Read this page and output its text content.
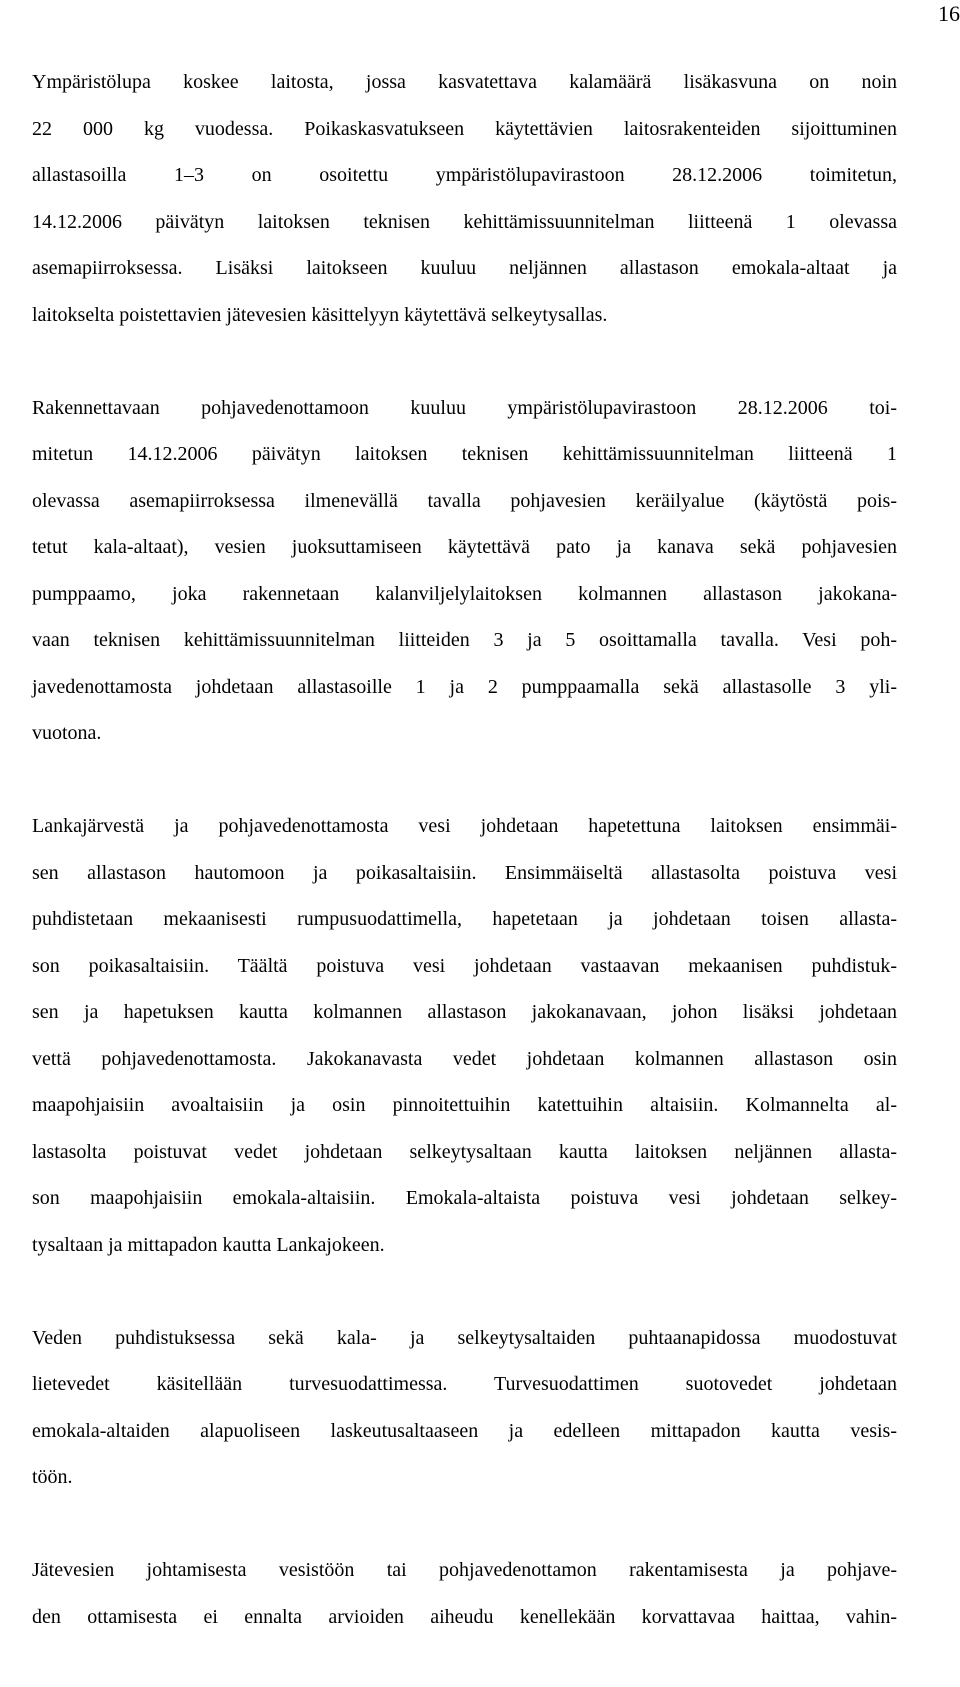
16
Ympäristölupa koskee laitosta, jossa kasvatettava kalamäärä lisäkasvuna on noin
22 000 kg vuodessa. Poikaskasvatukseen käytettävien laitosrakenteiden sijoittuminen
allastasoilla 1–3 on osoitettu ympäristölupavirastoon 28.12.2006 toimitetun,
14.12.2006 päivätyn laitoksen teknisen kehittämissuunnitelman liitteenä 1 olevassa
asemapiirroksessa. Lisäksi laitokseen kuuluu neljännen allastason emokala-altaat ja
laitokselta poistettavien jätevesien käsittelyyn käytettävä selkeytysallas.
Rakennettavaan pohjavedenottamoon kuuluu ympäristölupavirastoon 28.12.2006 toi-
mitetun 14.12.2006 päivätyn laitoksen teknisen kehittämissuunnitelman liitteenä 1
olevassa asemapiirroksessa ilmenevällä tavalla pohjavesien keräilyalue (käytöstä pois-
tetut kala-altaat), vesien juoksuttamiseen käytettävä pato ja kanava sekä pohjavesien
pumppaamo, joka rakennetaan kalanviljelylaitoksen kolmannen allastason jakokana-
vaan teknisen kehittämissuunnitelman liitteiden 3 ja 5 osoittamalla tavalla. Vesi poh-
javedenottamosta johdetaan allastasoille 1 ja 2 pumppaamalla sekä allastasolle 3 yli-
vuotona.
Lankajärvestä ja pohjavedenottamosta vesi johdetaan hapetettuna laitoksen ensimmäi-
sen allastason hautomoon ja poikasaltaisiin. Ensimmäiseltä allastasolta poistuva vesi
puhdistetaan mekaanisesti rumpusuodattimella, hapetetaan ja johdetaan toisen allasta-
son poikasaltaisiin. Täältä poistuva vesi johdetaan vastaavan mekaanisen puhdistuk-
sen ja hapetuksen kautta kolmannen allastason jakokanavaan, johon lisäksi johdetaan
vettä pohjavedenottamosta. Jakokanavasta vedet johdetaan kolmannen allastason osin
maapohjaisiin avoaltaisiin ja osin pinnoitettuihin katettuihin altaisiin. Kolmannelta al-
lastasolta poistuvat vedet johdetaan selkeytysaltaan kautta laitoksen neljännen allasta-
son maapohjaisiin emokala-altaisiin. Emokala-altaista poistuva vesi johdetaan selkey-
tysaltaan ja mittapadon kautta Lankajokeen.
Veden puhdistuksessa sekä kala- ja selkeytysaltaiden puhtaanapidossa muodostuvat
lietevedet käsitellään turvesuodattimessa. Turvesuodattimen suotovedet johdetaan
emokala-altaiden alapuoliseen laskeutusaltaaseen ja edelleen mittapadon kautta vesis-
töön.
Jätevesien johtamisesta vesistöön tai pohjavedenottamon rakentamisesta ja pohjave-
den ottamisesta ei ennalta arvioiden aiheudu kenellekään korvattavaa haittaa, vahin-
